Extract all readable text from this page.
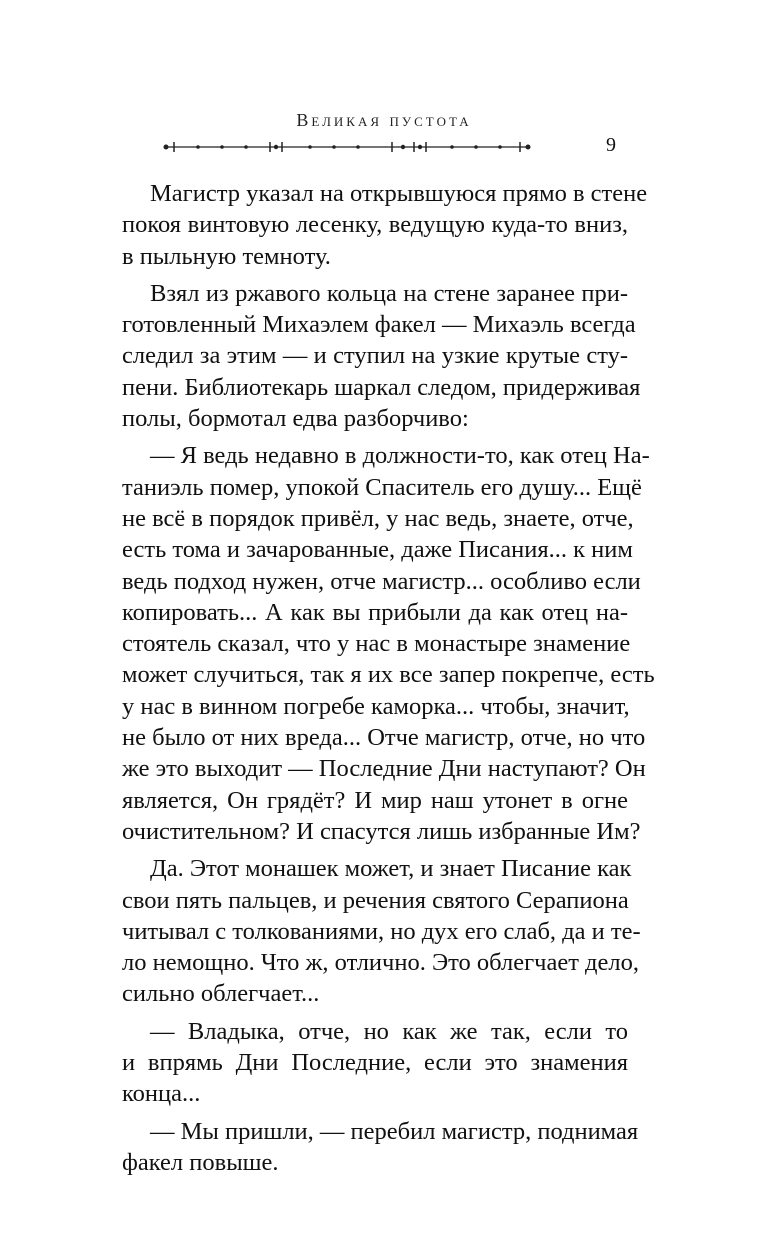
Великая пустота
9
Магистр указал на открывшуюся прямо в стене
покоя винтовую лесенку, ведущую куда-то вниз,
в пыльную темноту.
Взял из ржавого кольца на стене заранее при-
готовленный Михаэлем факел — Михаэль всегда
следил за этим — и ступил на узкие крутые сту-
пени. Библиотекарь шаркал следом, придерживая
полы, бормотал едва разборчиво:
— Я ведь недавно в должности-то, как отец На-
таниэль помер, упокой Спаситель его душу... Ещё
не всё в порядок привёл, у нас ведь, знаете, отче,
есть тома и зачарованные, даже Писания... к ним
ведь подход нужен, отче магистр... особливо если
копировать... А как вы прибыли да как отец на-
стоятель сказал, что у нас в монастыре знамение
может случиться, так я их все запер покрепче, есть
у нас в винном погребе каморка... чтобы, значит,
не было от них вреда... Отче магистр, отче, но что
же это выходит — Последние Дни наступают? Он
является, Он грядёт? И мир наш утонет в огне
очистительном? И спасутся лишь избранные Им?
Да. Этот монашек может, и знает Писание как
свои пять пальцев, и речения святого Серапиона
читывал с толкованиями, но дух его слаб, да и те-
ло немощно. Что ж, отлично. Это облегчает дело,
сильно облегчает...
— Владыка, отче, но как же так, если то
и впрямь Дни Последние, если это знамения
конца...
— Мы пришли, — перебил магистр, поднимая
факел повыше.
